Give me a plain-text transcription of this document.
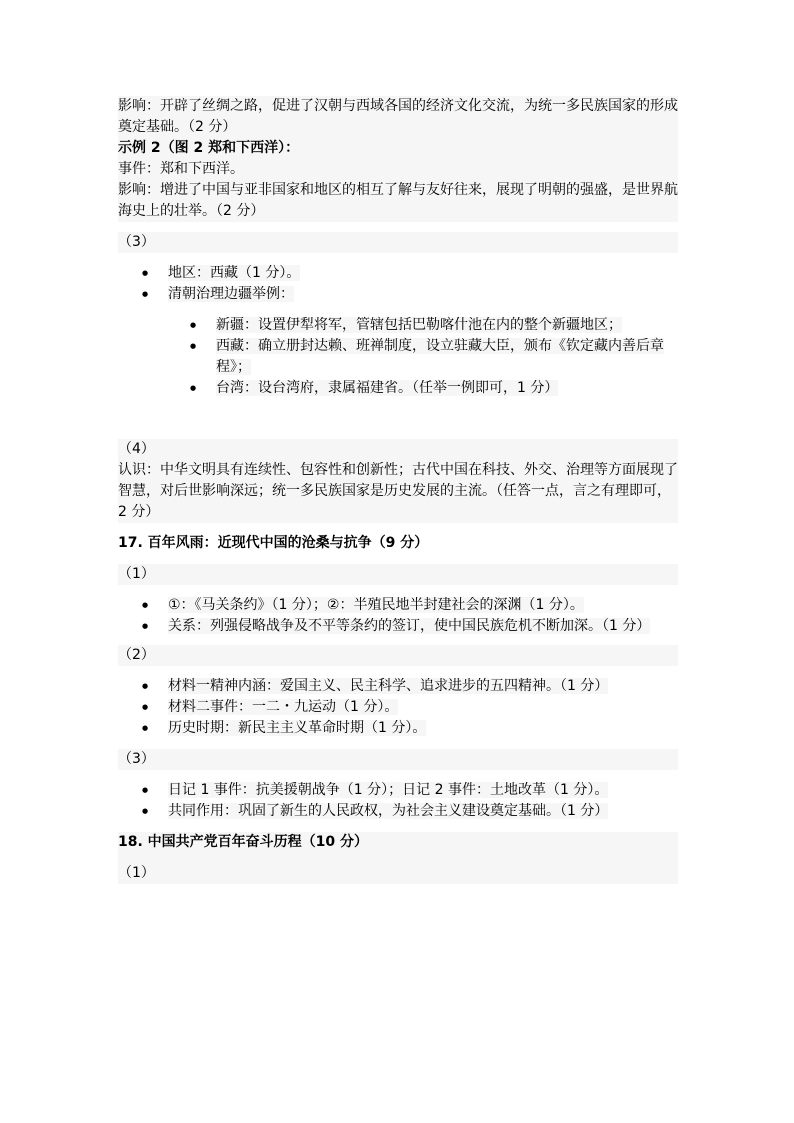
影响：开辟了丝绸之路，促进了汉朝与西域各国的经济文化交流，为统一多民族国家的形成奠定基础。（2 分）
示例 2（图 2 郑和下西洋）：
事件：郑和下西洋。
影响：增进了中国与亚非国家和地区的相互了解与友好往来，展现了明朝的强盛，是世界航海史上的壮举。（2 分）
（3）
● 地区：西藏（1 分）。
● 清朝治理边疆举例：
● 新疆：设置伊犁将军，管辖包括巴勒喀什池在内的整个新疆地区；
● 西藏：确立册封达赖、班禅制度，设立驻藏大臣，颁布《钦定藏内善后章程》；
● 台湾：设台湾府，隶属福建省。（任举一例即可，1 分）
（4）
认识：中华文明具有连续性、包容性和创新性；古代中国在科技、外交、治理等方面展现了智慧，对后世影响深远；统一多民族国家是历史发展的主流。（任答一点，言之有理即可，2 分）
17. 百年风雨：近现代中国的沧桑与抗争（9 分）
（1）
● ①：《马关条约》（1 分）；②：半殖民地半封建社会的深渊（1 分）。
● 关系：列强侵略战争及不平等条约的签订，使中国民族危机不断加深。（1 分）
（2）
● 材料一精神内涵：爱国主义、民主科学、追求进步的五四精神。（1 分）
● 材料二事件：一二・九运动（1 分）。
● 历史时期：新民主主义革命时期（1 分）。
（3）
● 日记 1 事件：抗美援朝战争（1 分）；日记 2 事件：土地改革（1 分）。
● 共同作用：巩固了新生的人民政权，为社会主义建设奠定基础。（1 分）
18. 中国共产党百年奋斗历程（10 分）
（1）
